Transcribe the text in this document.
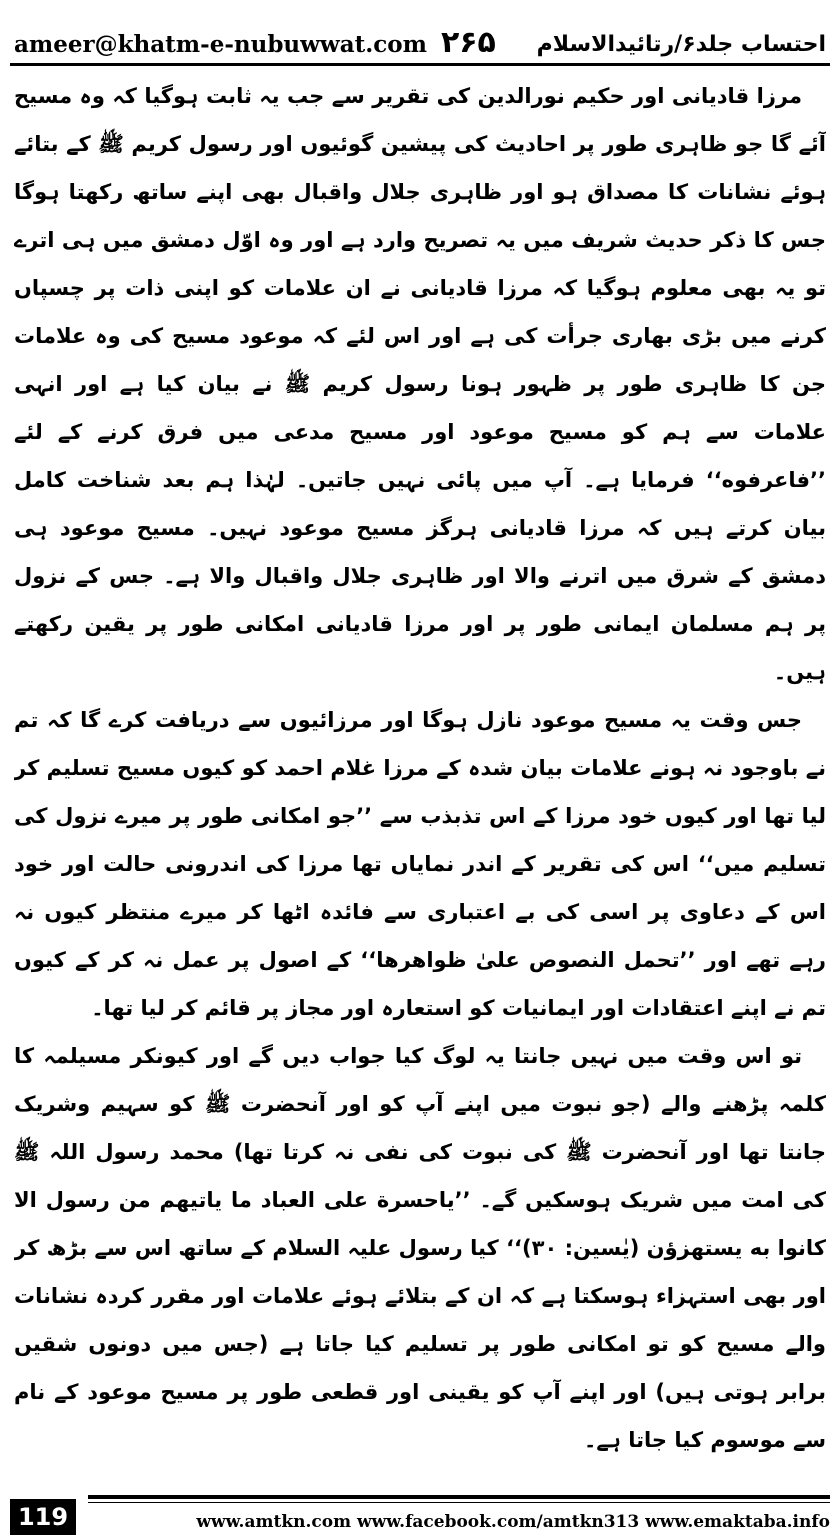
ameer@khatm-e-nubuwwat.com ۲۶۵ احتساب جلد۶/رتائیدالاسلام

مرزا قادیانی اور حکیم نورالدین کی تقریر سے جب یہ ثابت ہوگیا کہ وہ مسیح آئے گا جو ظاہری طور پر احادیث کی پیشین گوئیوں اور رسول کریم ﷺ کے بتائے ہوئے نشانات کا مصداق ہو اور ظاہری جلال واقبال بھی اپنے ساتھ رکھتا ہوگا جس کا ذکر حدیث شریف میں یہ تصریح وارد ہے اور وہ اوّل دمشق میں ہی اترے تو یہ بھی معلوم ہوگیا کہ مرزا قادیانی نے ان علامات کو اپنی ذات پر چسپاں کرنے میں بڑی بھاری جرأت کی ہے اور اس لئے کہ موعود مسیح کی وہ علامات جن کا ظاہری طور پر ظہور ہونا رسول کریم ﷺ نے بیان کیا ہے اور انہی علامات سے ہم کو مسیح موعود اور مسیح مدعی میں فرق کرنے کے لئے ’’فاعرفوه‘‘ فرمایا ہے۔ آپ میں پائی نہیں جاتیں۔ لہٰذا ہم بعد شناخت کامل بیان کرتے ہیں کہ مرزا قادیانی ہرگز مسیح موعود نہیں۔ مسیح موعود ہی دمشق کے شرق میں اترنے والا اور ظاہری جلال واقبال والا ہے۔ جس کے نزول پر ہم مسلمان ایمانی طور پر اور مرزا قادیانی امکانی طور پر یقین رکھتے ہیں۔

جس وقت یہ مسیح موعود نازل ہوگا اور مرزائیوں سے دریافت کرے گا کہ تم نے باوجود نہ ہونے علامات بیان شدہ کے مرزا غلام احمد کو کیوں مسیح تسلیم کر لیا تھا اور کیوں خود مرزا کے اس تذبذب سے ’’جو امکانی طور پر میرے نزول کی تسلیم میں‘‘ اس کی تقریر کے اندر نمایاں تھا مرزا کی اندرونی حالت اور خود اس کے دعاوی پر اسی کی بے اعتباری سے فائدہ اٹھا کر میرے منتظر کیوں نہ رہے تھے اور ’’تحمل النصوص علیٰ ظواهرها‘‘ کے اصول پر عمل نہ کر کے کیوں تم نے اپنے اعتقادات اور ایمانیات کو استعارہ اور مجاز پر قائم کر لیا تھا۔

تو اس وقت میں نہیں جانتا یہ لوگ کیا جواب دیں گے اور کیونکر مسیلمہ کا کلمہ پڑھنے والے (جو نبوت میں اپنے آپ کو اور آنحضرت ﷺ کو سہیم وشریک جانتا تھا اور آنحضرت ﷺ کی نبوت کی نفی نہ کرتا تھا) محمد رسول اللہ ﷺ کی امت میں شریک ہوسکیں گے۔ ’’یاحسرة علی العباد ما یاتیهم من رسول الا کانوا به یستهزؤن (یٰسین: ۳۰)‘‘ کیا رسول علیہ السلام کے ساتھ اس سے بڑھ کر اور بھی استہزاء ہوسکتا ہے کہ ان کے بتلائے ہوئے علامات اور مقرر کردہ نشانات والے مسیح کو تو امکانی طور پر تسلیم کیا جاتا ہے (جس میں دونوں شقیں برابر ہوتی ہیں) اور اپنے آپ کو یقینی اور قطعی طور پر مسیح موعود کے نام سے موسوم کیا جاتا ہے۔

119	www.amtkn.com www.facebook.com/amtkn313 www.emaktaba.info
